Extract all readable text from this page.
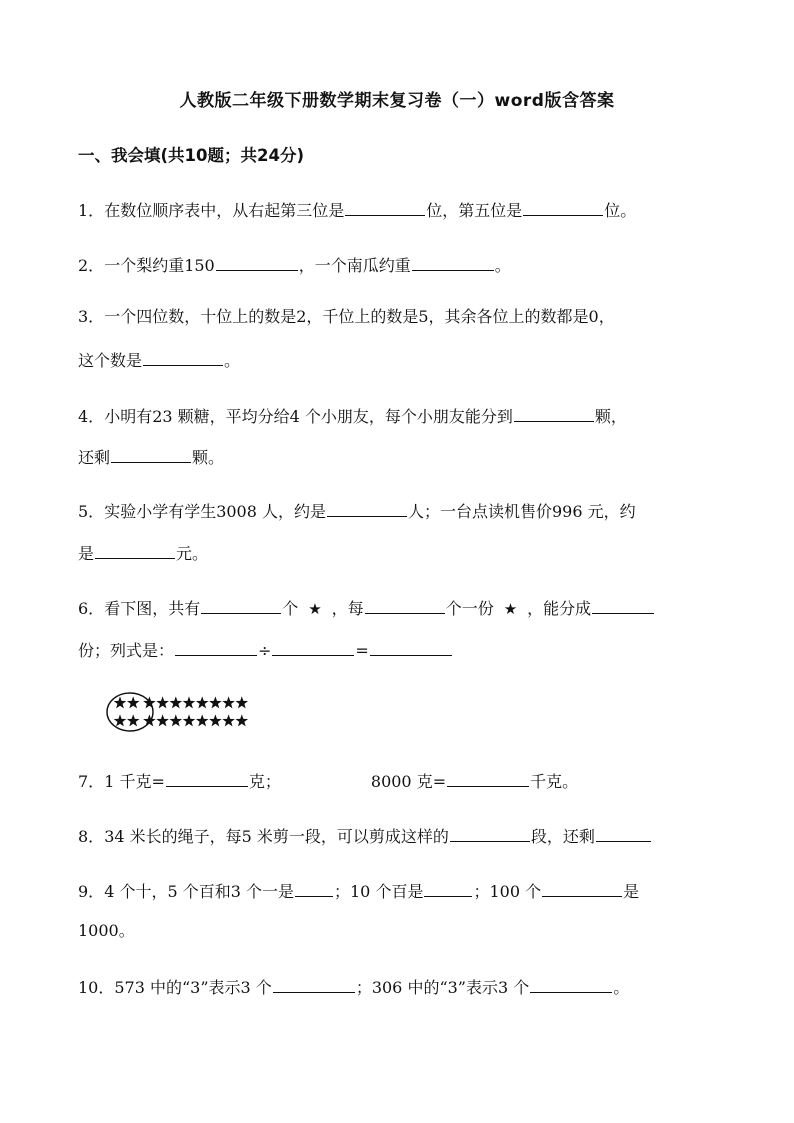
人教版二年级下册数学期末复习卷（一）word版含答案
一、我会填(共10题；共24分)
1．在数位顺序表中，从右起第三位是	位，第五位是	位。
2．一个梨约重150	，一个南瓜约重	。
3．一个四位数，十位上的数是2，千位上的数是5，其余各位上的数都是0，
这个数是	。
4．小明有23 颗糖，平均分给4 个小朋友，每个小朋友能分到	颗，
还剩	颗。
5．实验小学有学生3008 人，约是	人；一台点读机售价996 元，约
是	元。
6．看下图，共有	个 ★ ，每	个一份 ★ ，能分成
份；列式是：	÷	=
7．1 千克=	克；	8000 克=	千克。
8．34 米长的绳子，每5 米剪一段，可以剪成这样的	段，还剩
9．4 个十，5 个百和3 个一是	；10 个百是	；100 个	是
1000。
10．573 中的“3”表示3 个	；306 中的“3”表示3 个	。
